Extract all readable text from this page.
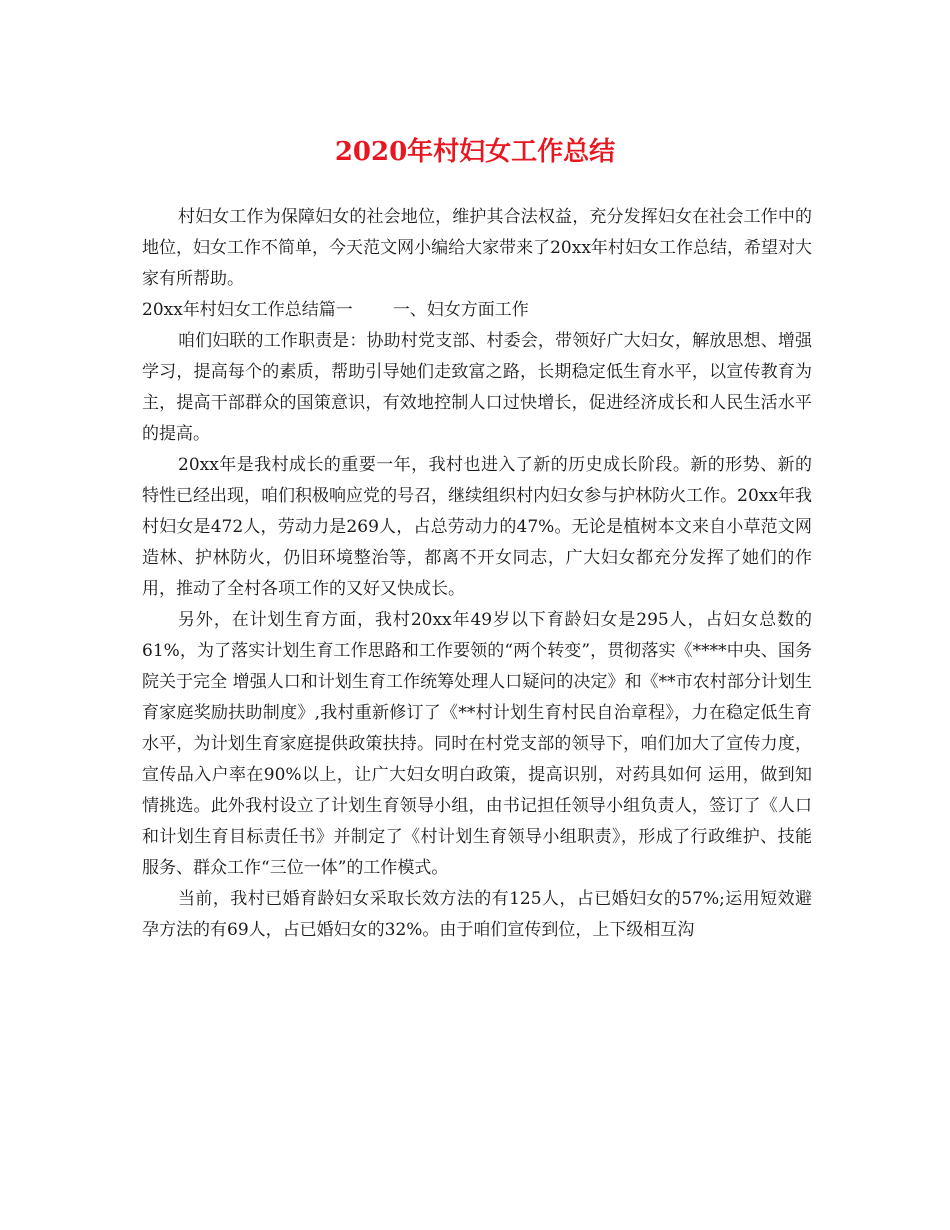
2020年村妇女工作总结

村妇女工作为保障妇女的社会地位，维护其合法权益，充分发挥妇女在社会工作中的地位，妇女工作不简单，今天范文网小编给大家带来了20xx年村妇女工作总结，希望对大家有所帮助。

20xx年村妇女工作总结篇一 一、妇女方面工作

咱们妇联的工作职责是：协助村党支部、村委会，带领好广大妇女，解放思想、增强学习，提高每个的素质，帮助引导她们走致富之路，长期稳定低生育水平，以宣传教育为主，提高干部群众的国策意识，有效地控制人口过快增长，促进经济成长和人民生活水平的提高。

20xx年是我村成长的重要一年，我村也进入了新的历史成长阶段。新的形势、新的特性已经出现，咱们积极响应党的号召，继续组织村内妇女参与护林防火工作。20xx年我村妇女是472人，劳动力是269人，占总劳动力的47%。无论是植树本文来自小草范文网造林、护林防火，仍旧环境整治等，都离不开女同志，广大妇女都充分发挥了她们的作用，推动了全村各项工作的又好又快成长。

另外，在计划生育方面，我村20xx年49岁以下育龄妇女是295人，占妇女总数的61%，为了落实计划生育工作思路和工作要领的“两个转变”，贯彻落实《****中央、国务院关于完全 增强人口和计划生育工作统筹处理人口疑问的决定》和《**市农村部分计划生育家庭奖励扶助制度》,我村重新修订了《**村计划生育村民自治章程》，力在稳定低生育水平，为计划生育家庭提供政策扶持。同时在村党支部的领导下，咱们加大了宣传力度，宣传品入户率在90%以上，让广大妇女明白政策，提高识别，对药具如何 运用，做到知情挑选。此外我村设立了计划生育领导小组，由书记担任领导小组负责人，签订了《人口和计划生育目标责任书》并制定了《村计划生育领导小组职责》，形成了行政维护、技能服务、群众工作“三位一体”的工作模式。

当前，我村已婚育龄妇女采取长效方法的有125人，占已婚妇女的57%;运用短效避孕方法的有69人，占已婚妇女的32%。由于咱们宣传到位，上下级相互沟
